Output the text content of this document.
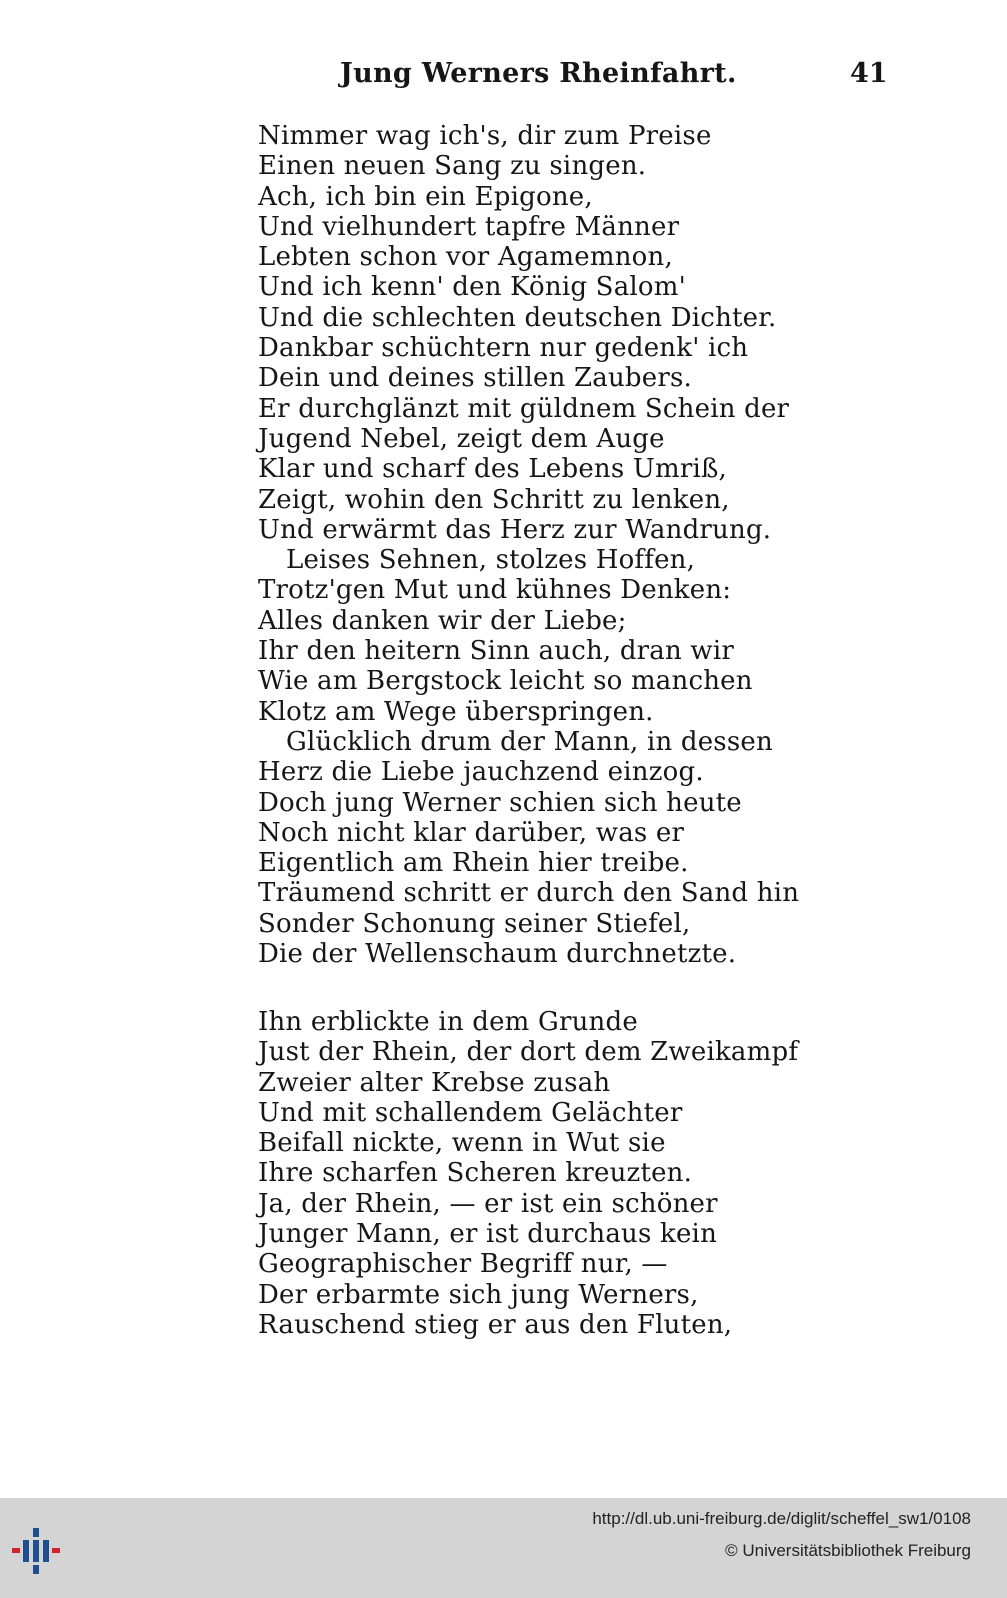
Jung Werners Rheinfahrt.	41
Nimmer wag ich's, dir zum Preise
Einen neuen Sang zu singen.
Ach, ich bin ein Epigone,
Und vielhundert tapfre Männer
Lebten schon vor Agamemnon,
Und ich kenn' den König Salom'
Und die schlechten deutschen Dichter.
Dankbar schüchtern nur gedenk' ich
Dein und deines stillen Zaubers.
Er durchglänzt mit güldnem Schein der
Jugend Nebel, zeigt dem Auge
Klar und scharf des Lebens Umriß,
Zeigt, wohin den Schritt zu lenken,
Und erwärmt das Herz zur Wandrung.
Leises Sehnen, stolzes Hoffen,
Trotz'gen Mut und kühnes Denken:
Alles danken wir der Liebe;
Ihr den heitern Sinn auch, dran wir
Wie am Bergstock leicht so manchen
Klotz am Wege überspringen.
Glücklich drum der Mann, in dessen
Herz die Liebe jauchzend einzog.
Doch jung Werner schien sich heute
Noch nicht klar darüber, was er
Eigentlich am Rhein hier treibe.
Träumend schritt er durch den Sand hin
Sonder Schonung seiner Stiefel,
Die der Wellenschaum durchnetzte.
Ihn erblickte in dem Grunde
Just der Rhein, der dort dem Zweikampf
Zweier alter Krebse zusah
Und mit schallendem Gelächter
Beifall nickte, wenn in Wut sie
Ihre scharfen Scheren kreuzten.
Ja, der Rhein, — er ist ein schöner
Junger Mann, er ist durchaus kein
Geographischer Begriff nur, —
Der erbarmte sich jung Werners,
Rauschend stieg er aus den Fluten,
http://dl.ub.uni-freiburg.de/diglit/scheffel_sw1/0108
© Universitätsbibliothek Freiburg
